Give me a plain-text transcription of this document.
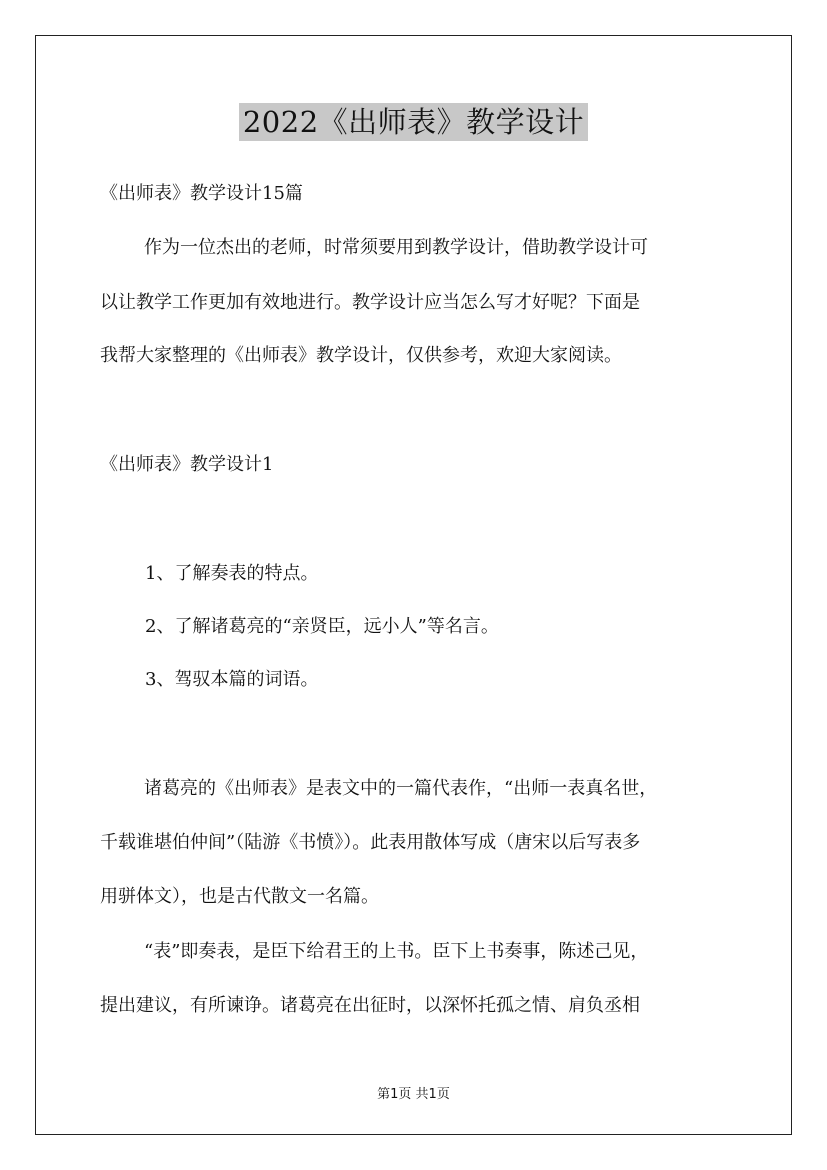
2022《出师表》教学设计
《出师表》教学设计15篇
作为一位杰出的老师，时常须要用到教学设计，借助教学设计可
以让教学工作更加有效地进行。教学设计应当怎么写才好呢？下面是
我帮大家整理的《出师表》教学设计，仅供参考，欢迎大家阅读。
《出师表》教学设计1
1、了解奏表的特点。
2、了解诸葛亮的“亲贤臣，远小人”等名言。
3、驾驭本篇的词语。
诸葛亮的《出师表》是表文中的一篇代表作，“出师一表真名世，
千载谁堪伯仲间”（陆游《书愤》）。此表用散体写成（唐宋以后写表多
用骈体文），也是古代散文一名篇。
“表”即奏表，是臣下给君王的上书。臣下上书奏事，陈述己见，
提出建议，有所谏诤。诸葛亮在出征时，以深怀托孤之情、肩负丞相
第1页 共1页
